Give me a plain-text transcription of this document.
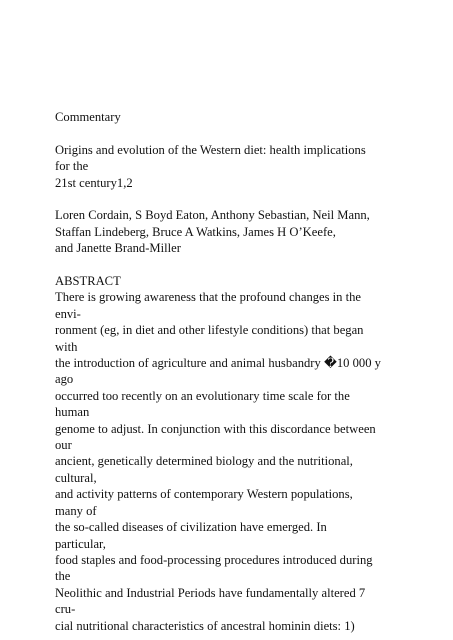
Commentary
Origins and evolution of the Western diet: health implications
for the
21st century1,2
Loren Cordain, S Boyd Eaton, Anthony Sebastian, Neil Mann,
Staffan Lindeberg, Bruce A Watkins, James H O’Keefe,
and Janette Brand-Miller
ABSTRACT
There is growing awareness that the profound changes in the
envi-
ronment (eg, in diet and other lifestyle conditions) that began
with
the introduction of agriculture and animal husbandry �10 000 y
ago
occurred too recently on an evolutionary time scale for the
human
genome to adjust. In conjunction with this discordance between
our
ancient, genetically determined biology and the nutritional,
cultural,
and activity patterns of contemporary Western populations,
many of
the so-called diseases of civilization have emerged. In
particular,
food staples and food-processing procedures introduced during
the
Neolithic and Industrial Periods have fundamentally altered 7
cru-
cial nutritional characteristics of ancestral hominin diets: 1)
